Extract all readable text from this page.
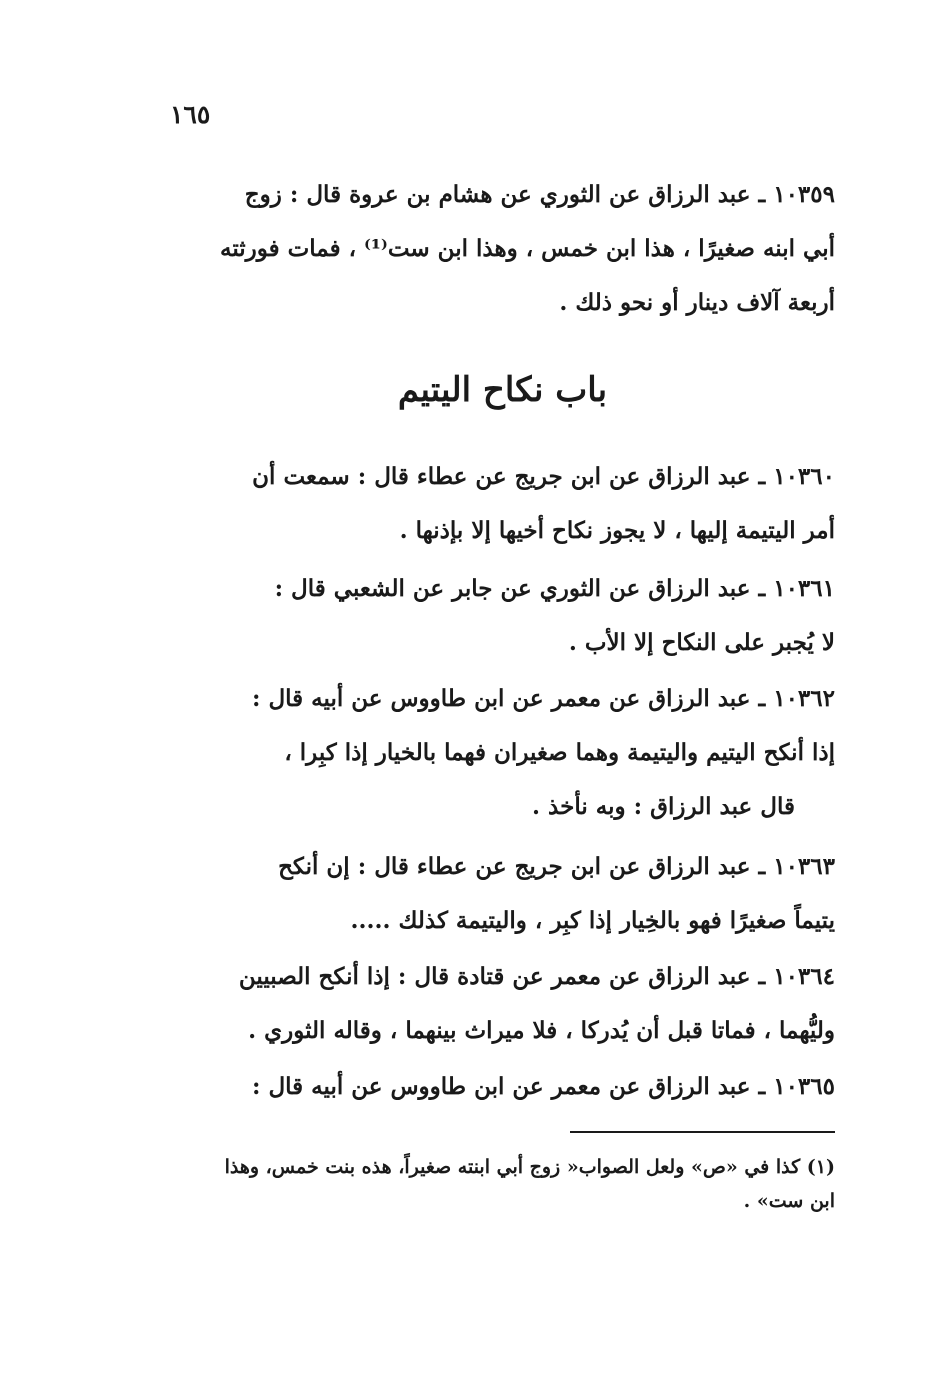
١٦٥
١٠٣٥٩ ـ عبد الرزاق عن الثوري عن هشام بن عروة قال : زوج
أبي ابنه صغيرًا ، هذا ابن خمس ، وهذا ابن ست⁽¹⁾ ، فمات فورثته
أربعة آلاف دينار أو نحو ذلك .
باب نكاح اليتيم
١٠٣٦٠ ـ عبد الرزاق عن ابن جريج عن عطاء قال : سمعت أن
أمر اليتيمة إليها ، لا يجوز نكاح أخيها إلا بإذنها .
١٠٣٦١ ـ عبد الرزاق عن الثوري عن جابر عن الشعبي قال :
لا يُجبر على النكاح إلا الأب .
١٠٣٦٢ ـ عبد الرزاق عن معمر عن ابن طاووس عن أبيه قال :
إذا أنكح اليتيم واليتيمة وهما صغيران فهما بالخيار إذا كبِرا ،
قال عبد الرزاق : وبه نأخذ .
١٠٣٦٣ ـ عبد الرزاق عن ابن جريج عن عطاء قال : إن أنكح
يتيماً صغيرًا فهو بالخِيار إذا كبِر ، واليتيمة كذلك .....
١٠٣٦٤ ـ عبد الرزاق عن معمر عن قتادة قال : إذا أنكح الصبيين
وليُّهما ، فماتا قبل أن يُدركا ، فلا ميراث بينهما ، وقاله الثوري .
١٠٣٦٥ ـ عبد الرزاق عن معمر عن ابن طاووس عن أبيه قال :
(١) كذا في «ص» ولعل الصواب« زوج أبي ابنته صغيراً، هذه بنت خمس، وهذا
ابن ست» .
